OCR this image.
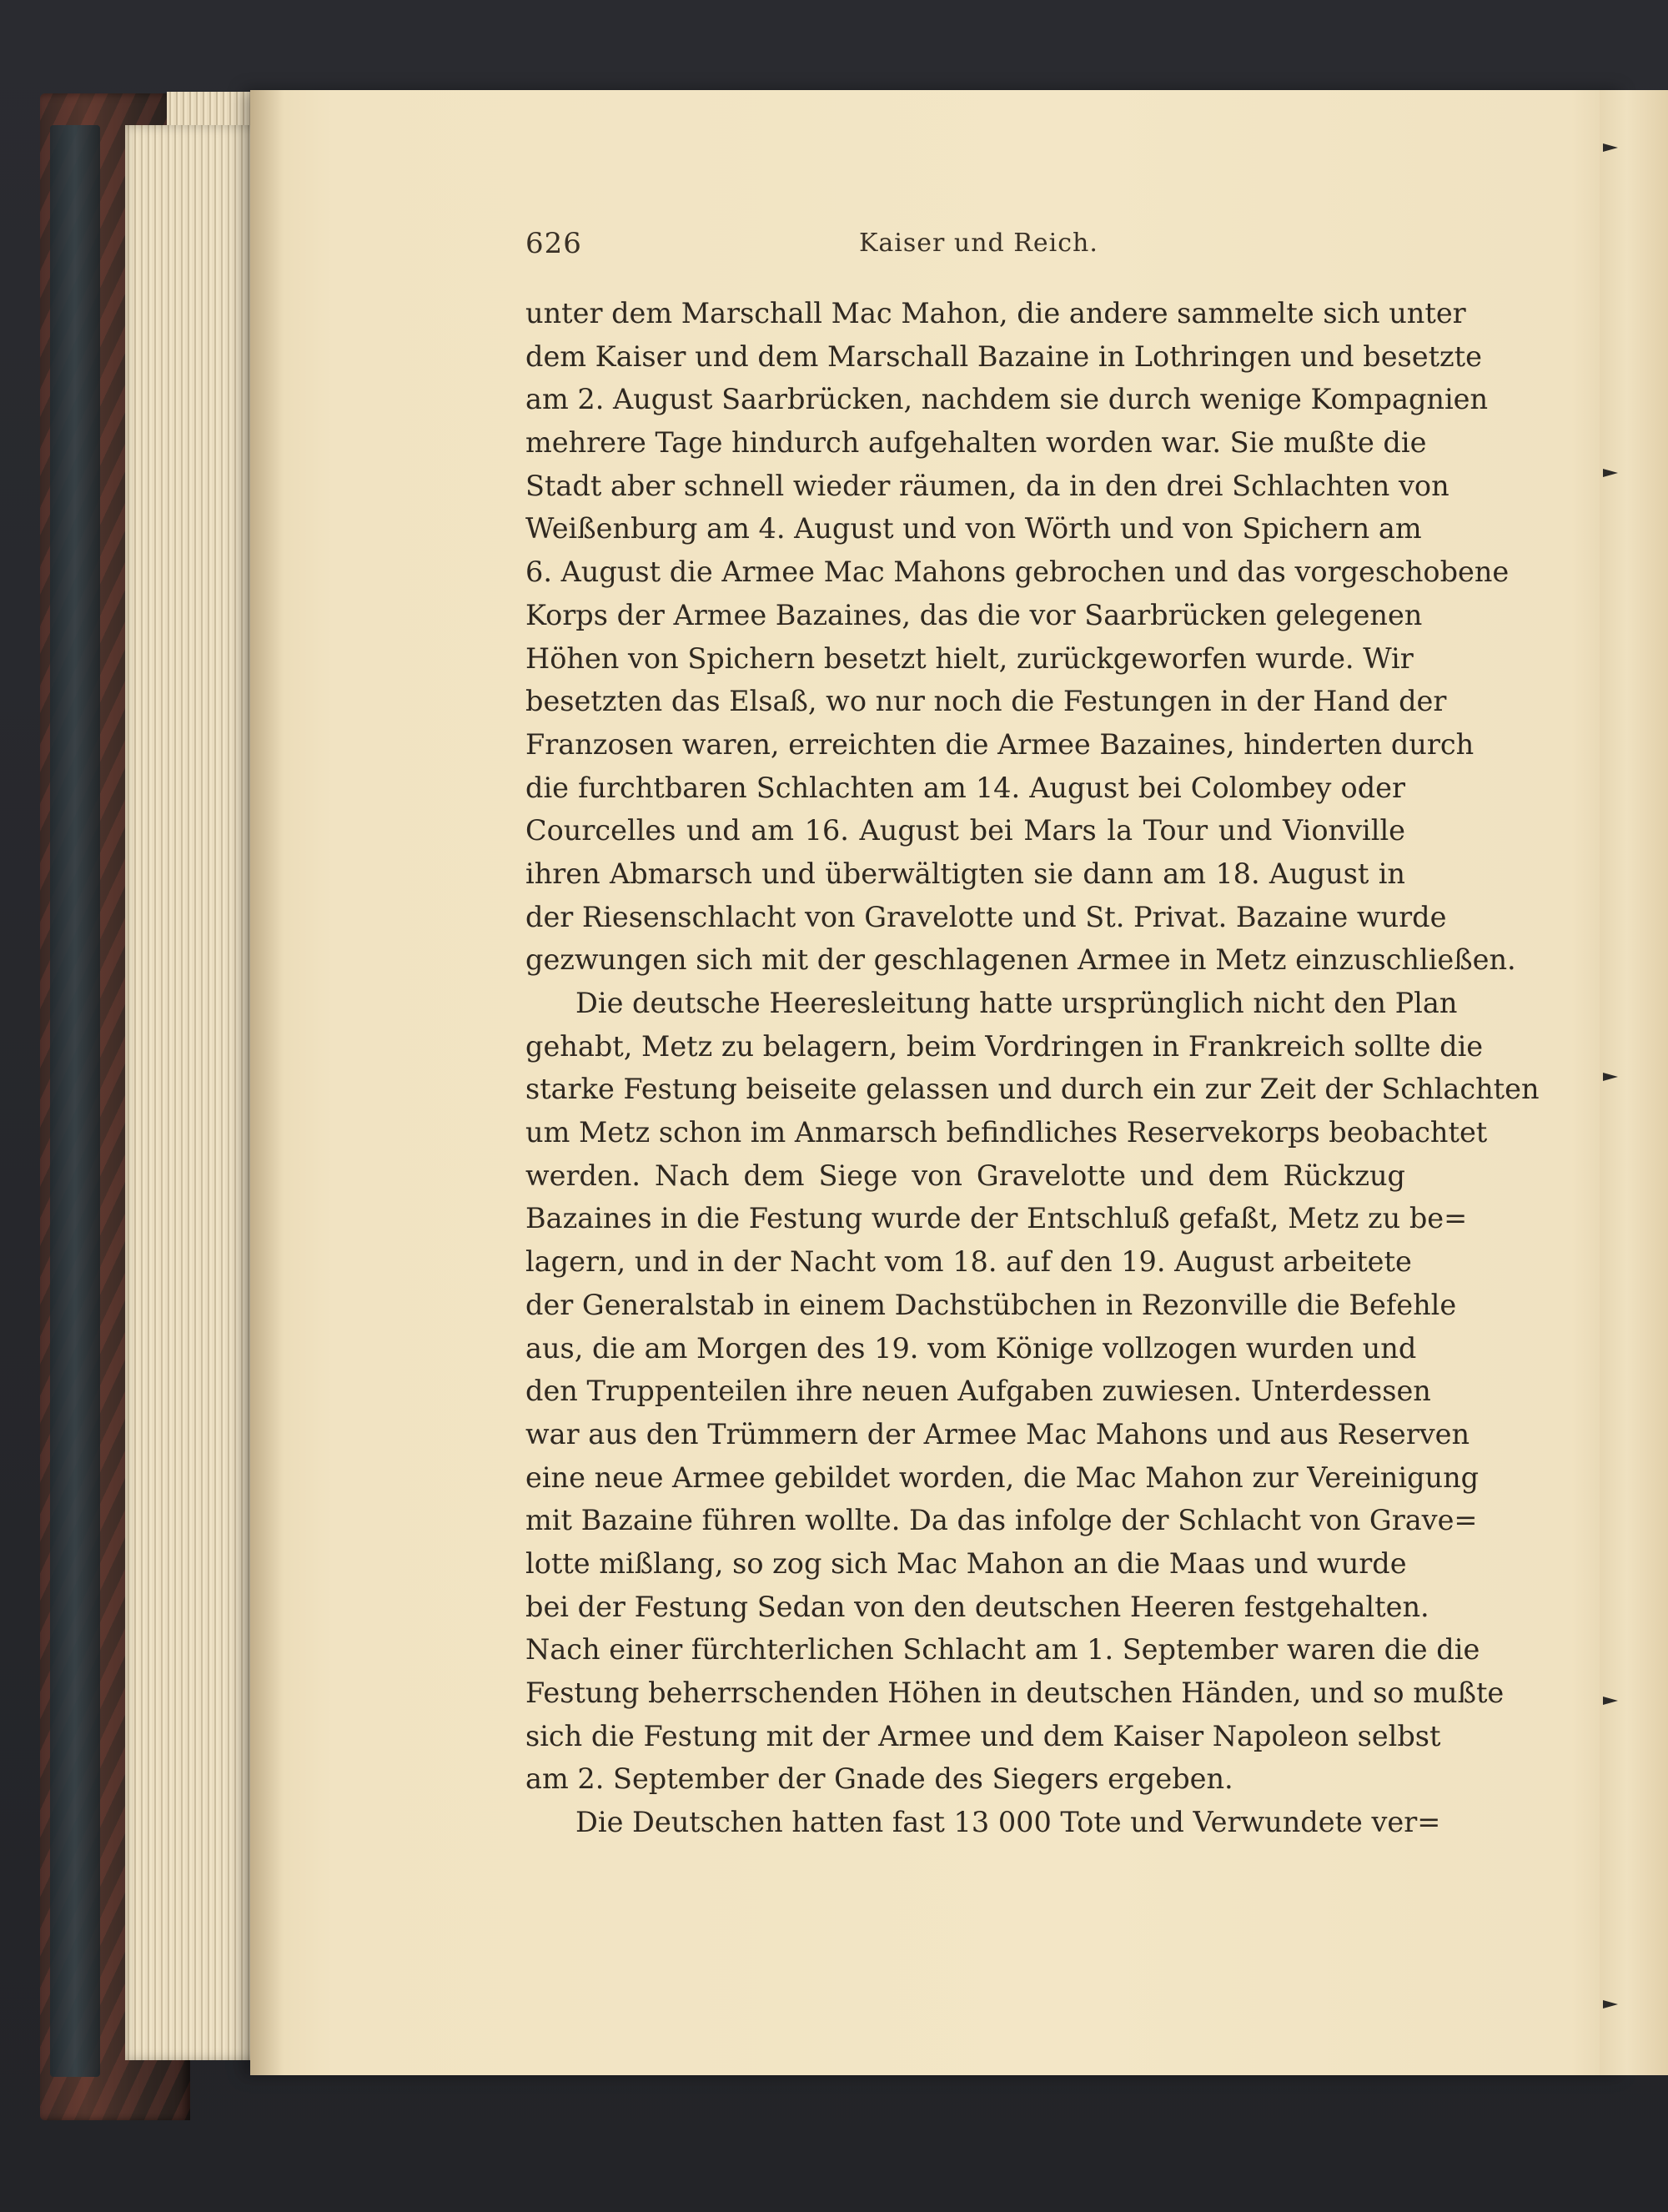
626	Kaiser und Reich.
unter dem Marschall Mac Mahon, die andere sammelte sich unter
dem Kaiser und dem Marschall Bazaine in Lothringen und besetzte
am 2. August Saarbrücken, nachdem sie durch wenige Kompagnien
mehrere Tage hindurch aufgehalten worden war. Sie mußte die
Stadt aber schnell wieder räumen, da in den drei Schlachten von
Weißenburg am 4. August und von Wörth und von Spichern am
6. August die Armee Mac Mahons gebrochen und das vorgeschobene
Korps der Armee Bazaines, das die vor Saarbrücken gelegenen
Höhen von Spichern besetzt hielt, zurückgeworfen wurde. Wir
besetzten das Elsaß, wo nur noch die Festungen in der Hand der
Franzosen waren, erreichten die Armee Bazaines, hinderten durch
die furchtbaren Schlachten am 14. August bei Colombey oder
Courcelles und am 16. August bei Mars la Tour und Vionville
ihren Abmarsch und überwältigten sie dann am 18. August in
der Riesenschlacht von Gravelotte und St. Privat. Bazaine wurde
gezwungen sich mit der geschlagenen Armee in Metz einzuschließen.
Die deutsche Heeresleitung hatte ursprünglich nicht den Plan
gehabt, Metz zu belagern, beim Vordringen in Frankreich sollte die
starke Festung beiseite gelassen und durch ein zur Zeit der Schlachten
um Metz schon im Anmarsch befindliches Reservekorps beobachtet
werden. Nach dem Siege von Gravelotte und dem Rückzug
Bazaines in die Festung wurde der Entschluß gefaßt, Metz zu be=
lagern, und in der Nacht vom 18. auf den 19. August arbeitete
der Generalstab in einem Dachstübchen in Rezonville die Befehle
aus, die am Morgen des 19. vom Könige vollzogen wurden und
den Truppenteilen ihre neuen Aufgaben zuwiesen. Unterdessen
war aus den Trümmern der Armee Mac Mahons und aus Reserven
eine neue Armee gebildet worden, die Mac Mahon zur Vereinigung
mit Bazaine führen wollte. Da das infolge der Schlacht von Grave=
lotte mißlang, so zog sich Mac Mahon an die Maas und wurde
bei der Festung Sedan von den deutschen Heeren festgehalten.
Nach einer fürchterlichen Schlacht am 1. September waren die die
Festung beherrschenden Höhen in deutschen Händen, und so mußte
sich die Festung mit der Armee und dem Kaiser Napoleon selbst
am 2. September der Gnade des Siegers ergeben.
Die Deutschen hatten fast 13 000 Tote und Verwundete ver=
